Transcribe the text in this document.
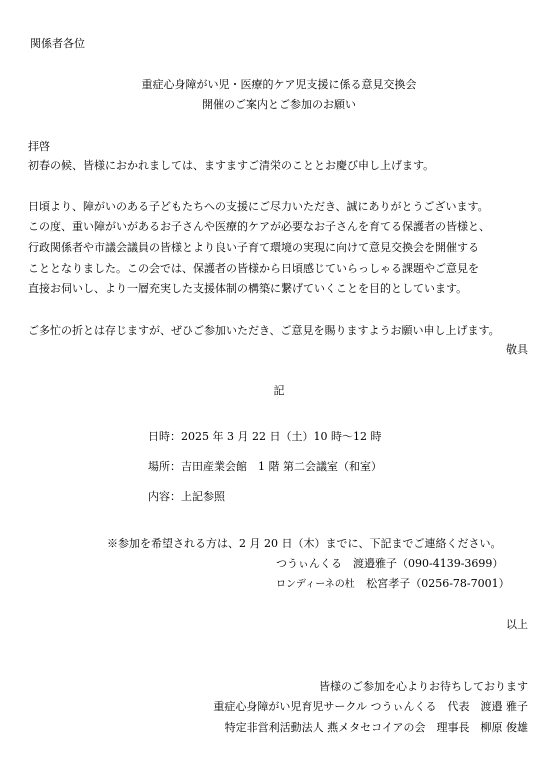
関係者各位
重症心身障がい児・医療的ケア児支援に係る意見交換会
開催のご案内とご参加のお願い
拝啓
初春の候、皆様におかれましては、ますますご清栄のこととお慶び申し上げます。
日頃より、障がいのある子どもたちへの支援にご尽力いただき、誠にありがとうございます。
この度、重い障がいがあるお子さんや医療的ケアが必要なお子さんを育てる保護者の皆様と、
行政関係者や市議会議員の皆様とより良い子育て環境の実現に向けて意見交換会を開催する
こととなりました。この会では、保護者の皆様から日頃感じていらっしゃる課題やご意見を
直接お伺いし、より一層充実した支援体制の構築に繋げていくことを目的としています。
ご多忙の折とは存じますが、ぜひご参加いただき、ご意見を賜りますようお願い申し上げます。
敬具
記
日時：2025 年 3 月 22 日（土）10 時〜12 時
場所：吉田産業会館　1 階 第二会議室（和室）
内容：上記参照
※参加を希望される方は、2 月 20 日（木）までに、下記までご連絡ください。
つうぃんくる　渡邉雅子（090-4139-3699）
ロンディーネの杜 松宮孝子（0256-78-7001）
以上
皆様のご参加を心よりお待ちしております
重症心身障がい児育児サークル つうぃんくる　代表　渡邉 雅子
特定非営利活動法人 燕メタセコイアの会　理事長　柳原 俊雄
